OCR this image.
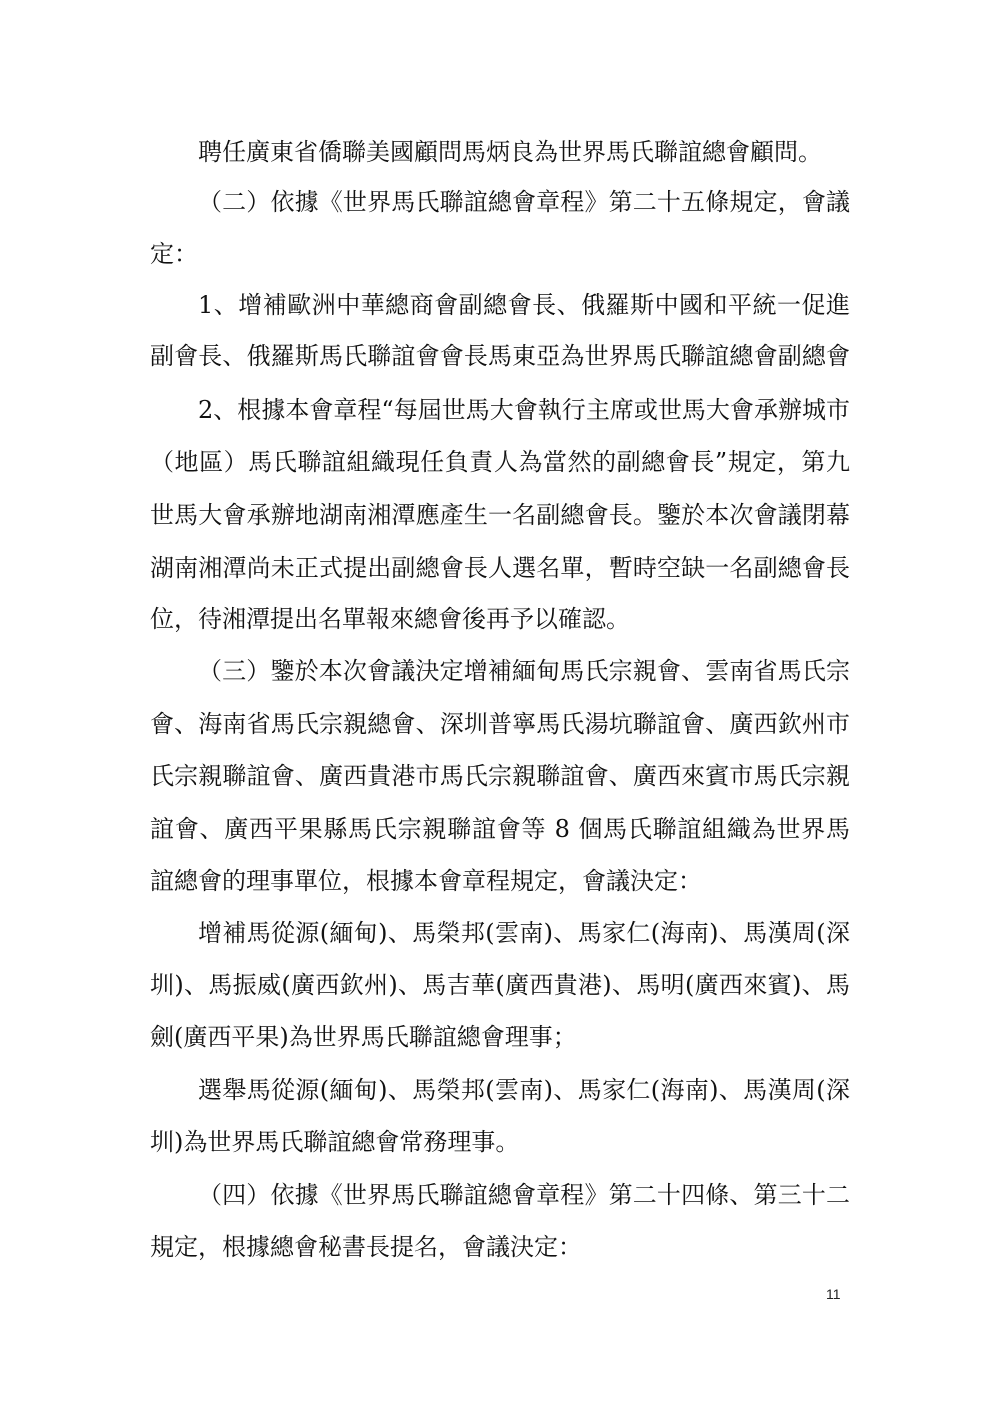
聘任廣東省僑聯美國顧問馬炳良為世界馬氏聯誼總會顧問。
（二）依據《世界馬氏聯誼總會章程》第二十五條規定，會議
定：
1、增補歐洲中華總商會副總會長、俄羅斯中國和平統一促進
副會長、俄羅斯馬氏聯誼會會長馬東亞為世界馬氏聯誼總會副總會
2、根據本會章程“每屆世馬大會執行主席或世馬大會承辦城市
（地區）馬氏聯誼組織現任負責人為當然的副總會長”規定，第九
世馬大會承辦地湖南湘潭應產生一名副總會長。鑒於本次會議閉幕
湖南湘潭尚未正式提出副總會長人選名單，暫時空缺一名副總會長
位，待湘潭提出名單報來總會後再予以確認。
（三）鑒於本次會議決定增補緬甸馬氏宗親會、雲南省馬氏宗
會、海南省馬氏宗親總會、深圳普寧馬氏湯坑聯誼會、廣西欽州市
氏宗親聯誼會、廣西貴港市馬氏宗親聯誼會、廣西來賓市馬氏宗親
誼會、廣西平果縣馬氏宗親聯誼會等 8 個馬氏聯誼組織為世界馬
誼總會的理事單位，根據本會章程規定，會議決定：
增補馬從源(緬甸)、馬榮邦(雲南)、馬家仁(海南)、馬漢周(深
圳)、馬振威(廣西欽州)、馬吉華(廣西貴港)、馬明(廣西來賓)、馬
劍(廣西平果)為世界馬氏聯誼總會理事；
選舉馬從源(緬甸)、馬榮邦(雲南)、馬家仁(海南)、馬漢周(深
圳)為世界馬氏聯誼總會常務理事。
（四）依據《世界馬氏聯誼總會章程》第二十四條、第三十二
規定，根據總會秘書長提名，會議決定：
11
